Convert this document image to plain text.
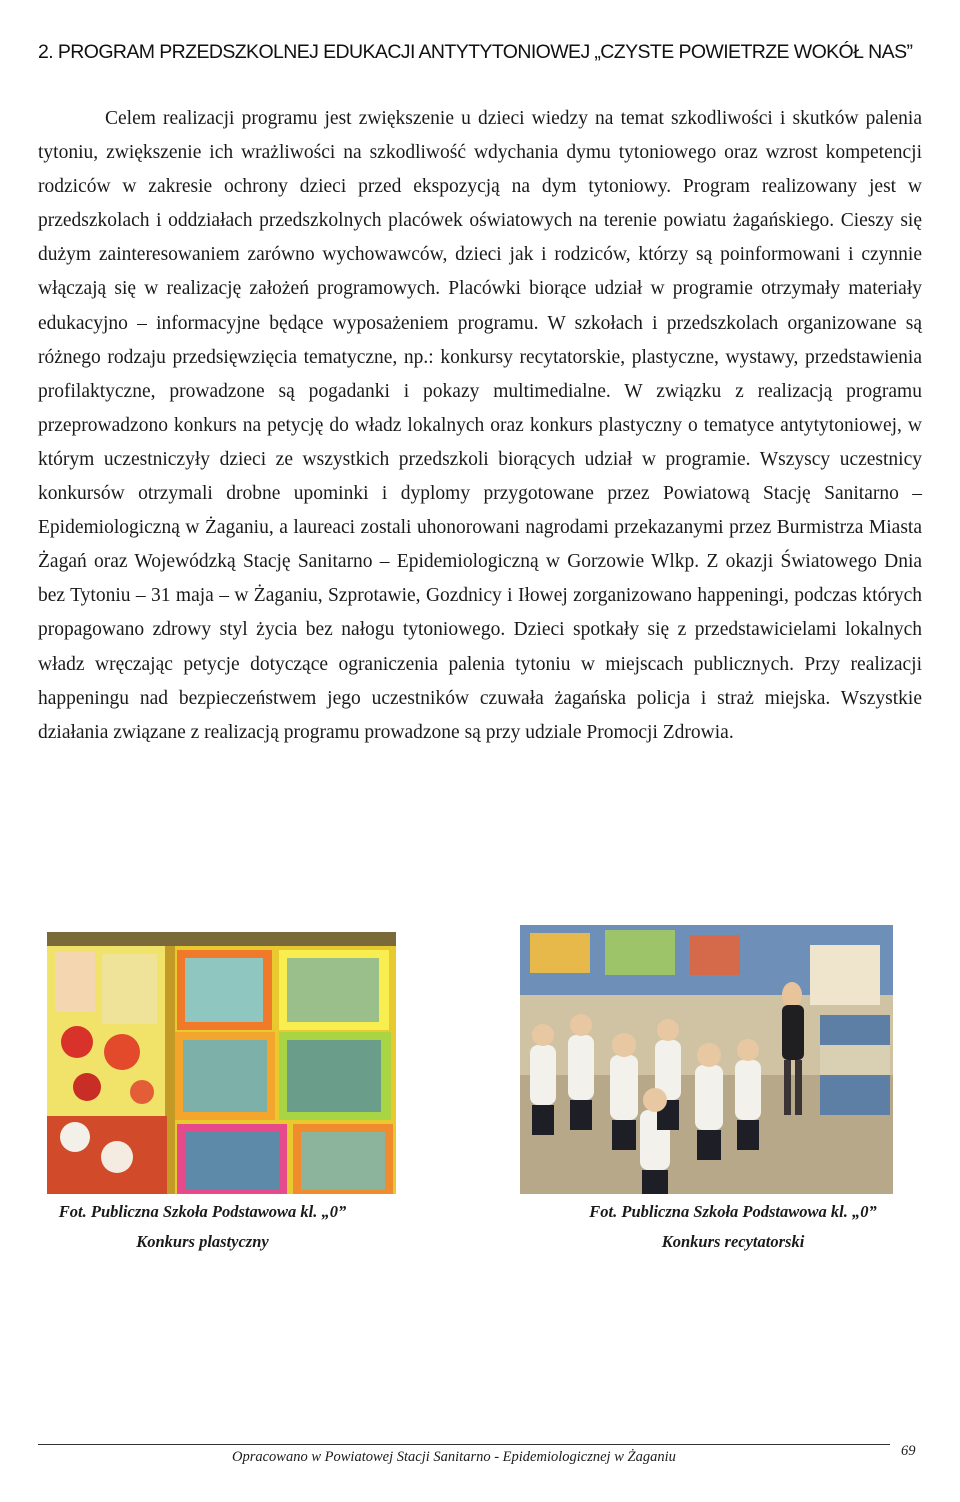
2. PROGRAM PRZEDSZKOLNEJ EDUKACJI ANTYTYTONIOWEJ „CZYSTE POWIETRZE WOKÓŁ NAS”

Celem realizacji programu jest zwiększenie u dzieci wiedzy na temat szkodliwości i skutków palenia tytoniu, zwiększenie ich wrażliwości na szkodliwość wdychania dymu tytoniowego oraz wzrost kompetencji rodziców w zakresie ochrony dzieci przed ekspozycją na dym tytoniowy. Program realizowany jest w przedszkolach i oddziałach przedszkolnych placówek oświatowych na terenie powiatu żagańskiego. Cieszy się dużym zainteresowaniem zarówno wychowawców, dzieci jak i rodziców, którzy są poinformowani i czynnie włączają się w realizację założeń programowych. Placówki biorące udział w programie otrzymały materiały edukacyjno – informacyjne będące wyposażeniem programu. W szkołach i przedszkolach organizowane są różnego rodzaju przedsięwzięcia tematyczne, np.: konkursy recytatorskie, plastyczne, wystawy, przedstawienia profilaktyczne, prowadzone są pogadanki i pokazy multimedialne. W związku z realizacją programu przeprowadzono konkurs na petycję do władz lokalnych oraz konkurs plastyczny o tematyce antytytoniowej, w którym uczestniczyły dzieci ze wszystkich przedszkoli biorących udział w programie. Wszyscy uczestnicy konkursów otrzymali drobne upominki i dyplomy przygotowane przez Powiatową Stację Sanitarno – Epidemiologiczną w Żaganiu, a laureaci zostali uhonorowani nagrodami przekazanymi przez Burmistrza Miasta Żagań oraz Wojewódzką Stację Sanitarno – Epidemiologiczną w Gorzowie Wlkp. Z okazji Światowego Dnia bez Tytoniu – 31 maja – w Żaganiu, Szprotawie, Gozdnicy i Iłowej zorganizowano happeningi, podczas których propagowano zdrowy styl życia bez nałogu tytoniowego. Dzieci spotkały się z przedstawicielami lokalnych władz wręczając petycje dotyczące ograniczenia palenia tytoniu w miejscach publicznych. Przy realizacji happeningu nad bezpieczeństwem jego uczestników czuwała żagańska policja i straż miejska. Wszystkie działania związane z realizacją programu prowadzone są przy udziale Promocji Zdrowia.

Fot. Publiczna Szkoła Podstawowa kl. „0”
Konkurs plastyczny
Fot. Publiczna Szkoła Podstawowa kl. „0”
Konkurs recytatorski
Opracowano w Powiatowej Stacji Sanitarno - Epidemiologicznej w Żaganiu	69
